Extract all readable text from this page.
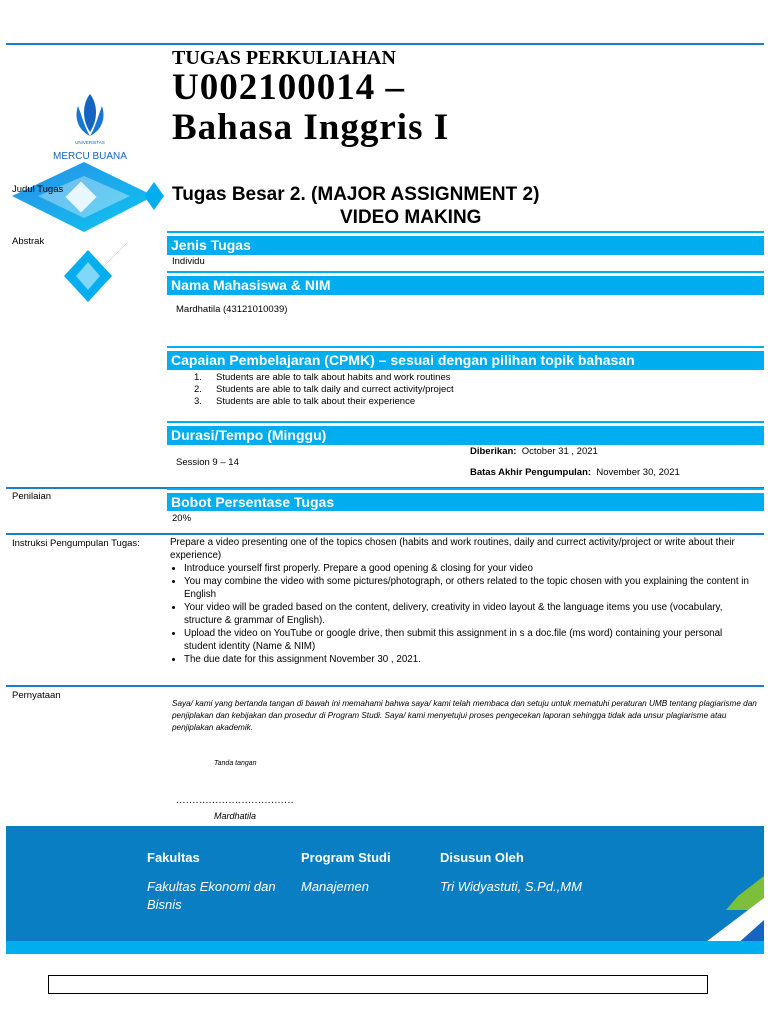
UNIVERSITAS
MERCU BUANA
TUGAS PERKULIAHAN
U002100014 –
Bahasa Inggris I
Judul Tugas
Abstrak
Tugas Besar 2. (MAJOR ASSIGNMENT 2)
VIDEO MAKING
Jenis Tugas
Individu
Nama Mahasiswa & NIM
Mardhatila (43121010039)
Capaian Pembelajaran (CPMK) – sesuai dengan pilihan topik bahasan
1. Students are able to talk about habits and work routines
2. Students are able to talk daily and currect activity/project
3. Students are able to talk about their experience
Durasi/Tempo (Minggu)
Diberikan: October 31 , 2021
Session 9 – 14
Batas Akhir Pengumpulan: November 30, 2021
Penilaian	Bobot Persentase Tugas
20%
Instruksi Pengumpulan Tugas:	Prepare a video presenting one of the topics chosen (habits and work routines, daily and currect activity/project or write about their experience)
• Introduce yourself first properly. Prepare a good opening & closing for your video
• You may combine the video with some pictures/photograph, or others related to the topic chosen with you explaining the content in English
• Your video will be graded based on the content, delivery, creativity in video layout & the language items you use (vocabulary, structure & grammar of English).
• Upload the video on YouTube or google drive, then submit this assignment in s a doc.file (ms word) containing your personal student identity (Name & NIM)
• The due date for this assignment November 30 , 2021.
Pernyataan
Saya/ kami yang bertanda tangan di bawah ini memahami bahwa saya/ kami telah membaca dan setuju untuk mematuhi peraturan UMB tentang plagiarisme dan penjiplakan dan kebijakan dan prosedur di Program Studi. Saya/ kami menyetujui proses pengecekan laporan sehingga tidak ada unsur plagiarisme atau penjiplakan akademik.
Tanda tangan
....................................
Mardhatila
Fakultas
Fakultas Ekonomi dan Bisnis
Program Studi
Manajemen
Disusun Oleh
Tri Widyastuti, S.Pd.,MM
